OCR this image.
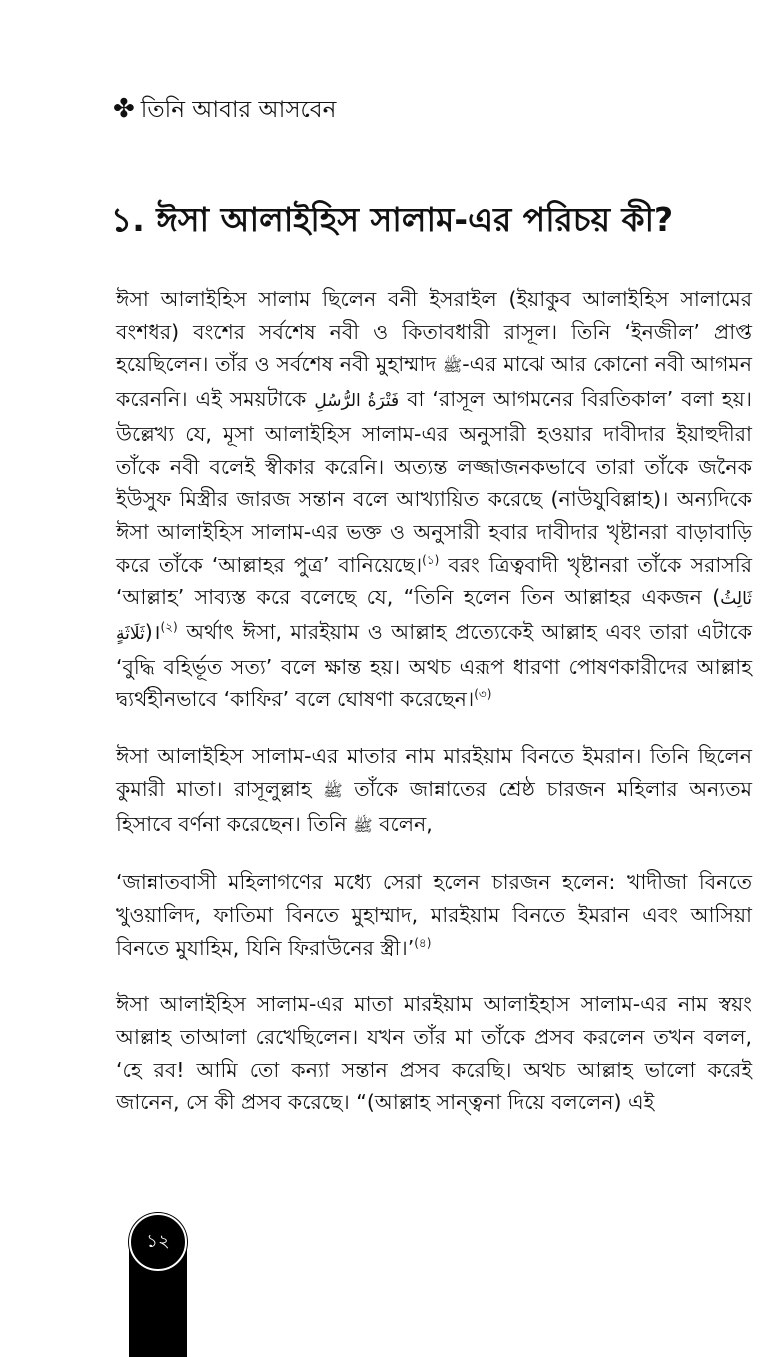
✤ তিনি আবার আসবেন
১. ঈসা আলাইহিস সালাম-এর পরিচয় কী?

ঈসা আলাইহিস সালাম ছিলেন বনী ইসরাইল (ইয়াকুব আলাইহিস সালামের বংশধর) বংশের সর্বশেষ নবী ও কিতাবধারী রাসূল। তিনি ‘ইনজীল’ প্রাপ্ত হয়েছিলেন। তাঁর ও সর্বশেষ নবী মুহাম্মাদ ﷺ-এর মাঝে আর কোনো নবী আগমন করেননি। এই সময়টাকে فَتْرَةُ الرُّسُلِ বা ‘রাসূল আগমনের বিরতিকাল’ বলা হয়। উল্লেখ্য যে, মূসা আলাইহিস সালাম-এর অনুসারী হওয়ার দাবীদার ইয়াহুদীরা তাঁকে নবী বলেই স্বীকার করেনি। অত্যন্ত লজ্জাজনকভাবে তারা তাঁকে জনৈক ইউসুফ মিস্ত্রীর জারজ সন্তান বলে আখ্যায়িত করেছে (নাউযুবিল্লাহ)। অন্যদিকে ঈসা আলাইহিস সালাম-এর ভক্ত ও অনুসারী হবার দাবীদার খৃষ্টানরা বাড়াবাড়ি করে তাঁকে ‘আল্লাহর পুত্র’ বানিয়েছে।$^{(১)}$ বরং ত্রিত্ববাদী খৃষ্টানরা তাঁকে সরাসরি ‘আল্লাহ’ সাব্যস্ত করে বলেছে যে, “তিনি হলেন তিন আল্লাহর একজন (ثَالِثُ ثَلَاثَةٍ)।$^{(২)}$ অর্থাৎ ঈসা, মারইয়াম ও আল্লাহ প্রত্যেকেই আল্লাহ এবং তারা এটাকে ‘বুদ্ধি বহির্ভূত সত্য’ বলে ক্ষান্ত হয়। অথচ এরূপ ধারণা পোষণকারীদের আল্লাহ দ্ব্যর্থহীনভাবে ‘কাফির’ বলে ঘোষণা করেছেন।$^{(৩)}$

ঈসা আলাইহিস সালাম-এর মাতার নাম মারইয়াম বিনতে ইমরান। তিনি ছিলেন কুমারী মাতা। রাসূলুল্লাহ ﷺ তাঁকে জান্নাতের শ্রেষ্ঠ চারজন মহিলার অন্যতম হিসাবে বর্ণনা করেছেন। তিনি ﷺ বলেন,

‘জান্নাতবাসী মহিলাগণের মধ্যে সেরা হলেন চারজন হলেন: খাদীজা বিনতে খুওয়ালিদ, ফাতিমা বিনতে মুহাম্মাদ, মারইয়াম বিনতে ইমরান এবং আসিয়া বিনতে মুযাহিম, যিনি ফিরাউনের স্ত্রী।’$^{(৪)}$

ঈসা আলাইহিস সালাম-এর মাতা মারইয়াম আলাইহাস সালাম-এর নাম স্বয়ং আল্লাহ তাআলা রেখেছিলেন। যখন তাঁর মা তাঁকে প্রসব করলেন তখন বলল, ‘হে রব! আমি তো কন্যা সন্তান প্রসব করেছি। অথচ আল্লাহ ভালো করেই জানেন, সে কী প্রসব করেছে। “(আল্লাহ সান্ত্বনা দিয়ে বললেন) এই

১২
